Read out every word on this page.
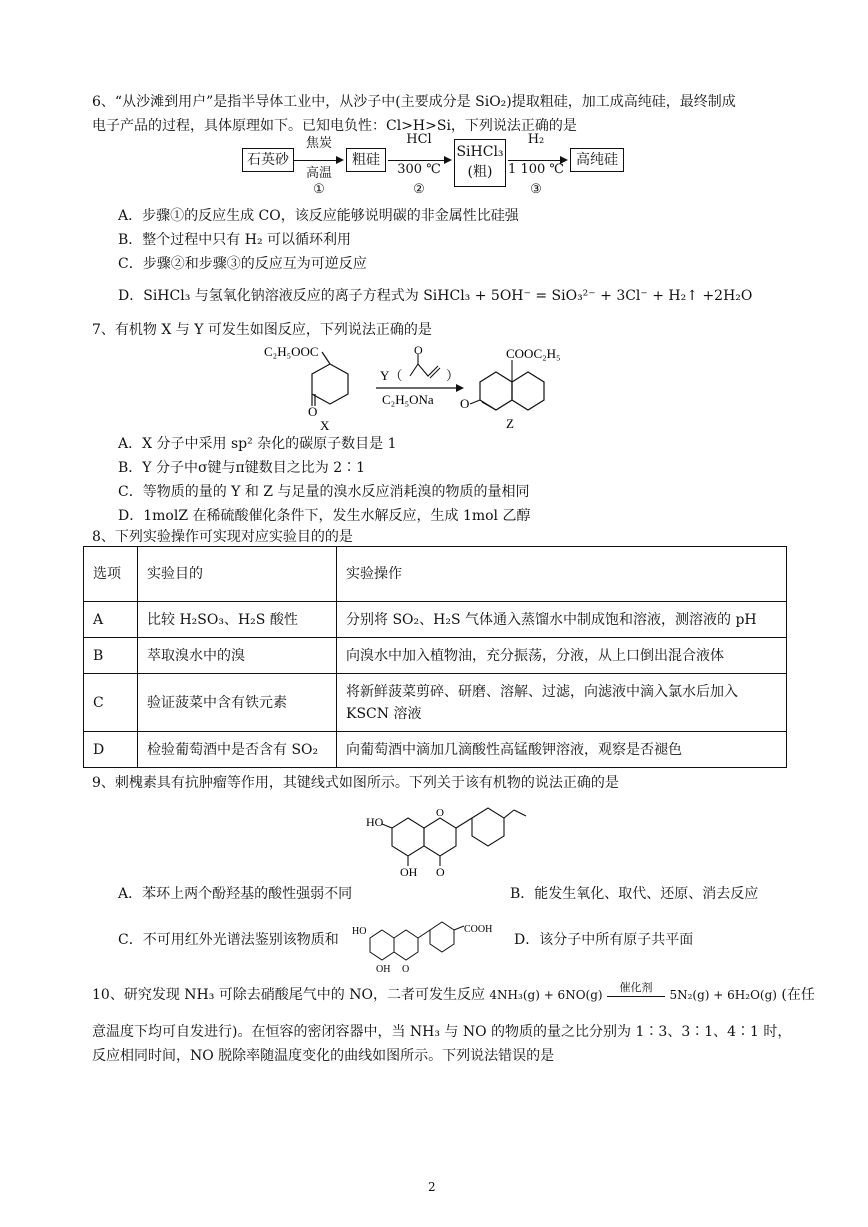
6、“从沙滩到用户”是指半导体工业中，从沙子中(主要成分是 SiO₂)提取粗硅，加工成高纯硅，最终制成
电子产品的过程，具体原理如下。已知电负性：Cl>H>Si，下列说法正确的是
石英砂
焦炭
高温
①
粗硅
HCl
300 ℃
②
SiHCl₃
(粗)
H₂
1 100 ℃
③
高纯硅
A．步骤①的反应生成 CO，该反应能够说明碳的非金属性比硅强
B．整个过程中只有 H₂ 可以循环利用
C．步骤②和步骤③的反应互为可逆反应
D．SiHCl₃ 与氢氧化钠溶液反应的离子方程式为 SiHCl₃ + 5OH⁻ = SiO₃²⁻ + 3Cl⁻ + H₂↑ +2H₂O
7、有机物 X 与 Y 可发生如图反应，下列说法正确的是
C₂H₅OOC
O
X
Y（
O
）
C₂H₅ONa O
COOC₂H₅
Z
A．X 分子中采用 sp² 杂化的碳原子数目是 1
B．Y 分子中σ键与π键数目之比为 2∶1
C．等物质的量的 Y 和 Z 与足量的溴水反应消耗溴的物质的量相同
D．1molZ 在稀硫酸催化条件下，发生水解反应，生成 1mol 乙醇
8、下列实验操作可实现对应实验目的的是
选项	实验目的	实验操作
A	比较 H₂SO₃、H₂S 酸性	分别将 SO₂、H₂S 气体通入蒸馏水中制成饱和溶液，测溶液的 pH
B	萃取溴水中的溴	向溴水中加入植物油，充分振荡，分液，从上口倒出混合液体
C	验证菠菜中含有铁元素	将新鲜菠菜剪碎、研磨、溶解、过滤，向滤液中滴入氯水后加入 KSCN 溶液
D	检验葡萄酒中是否含有 SO₂	向葡萄酒中滴加几滴酸性高锰酸钾溶液，观察是否褪色
9、刺槐素具有抗肿瘤等作用，其键线式如图所示。下列关于该有机物的说法正确的是
HO
OH O
O
A．苯环上两个酚羟基的酸性强弱不同	B．能发生氧化、取代、还原、消去反应
C．不可用红外光谱法鉴别该物质和
COOH
HO
OH O
D．该分子中所有原子共平面
10、研究发现 NH₃ 可除去硝酸尾气中的 NO，二者可发生反应 4NH₃(g) + 6NO(g)
催化剂
5N₂(g) + 6H₂O(g) (在任
意温度下均可自发进行)。在恒容的密闭容器中，当 NH₃ 与 NO 的物质的量之比分别为 1∶3、3∶1、4∶1 时，
反应相同时间，NO 脱除率随温度变化的曲线如图所示。下列说法错误的是
2
